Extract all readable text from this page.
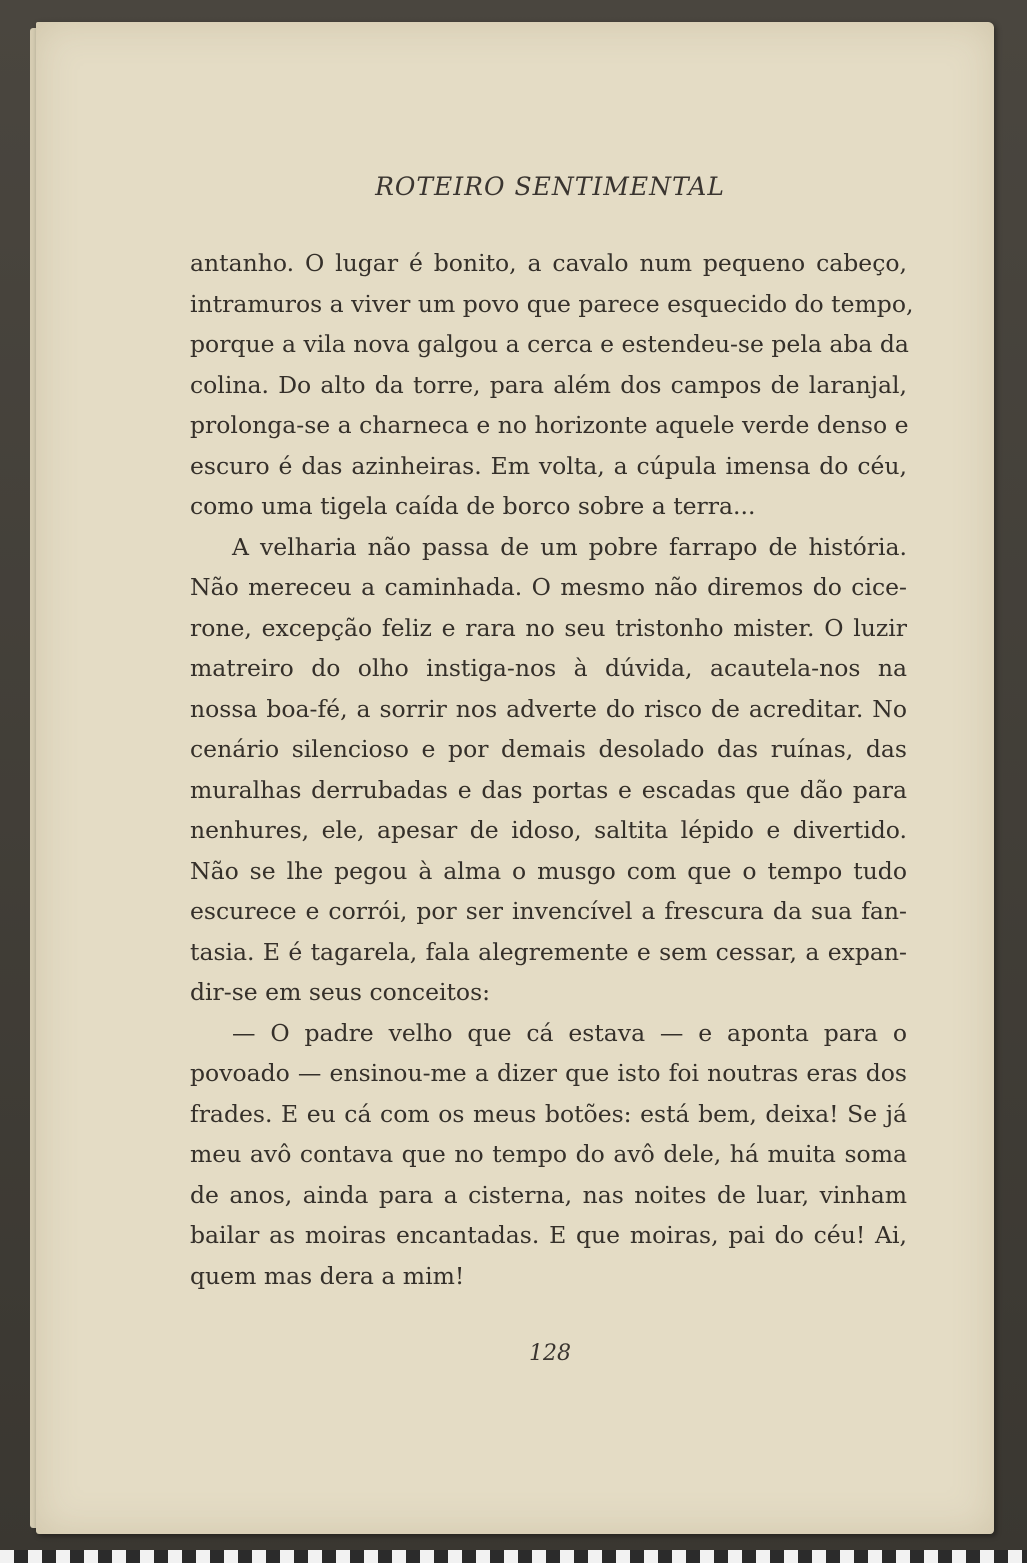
ROTEIRO SENTIMENTAL
antanho. O lugar é bonito, a cavalo num pequeno cabeço,
intramuros a viver um povo que parece esquecido do tempo,
porque a vila nova galgou a cerca e estendeu-se pela aba da
colina. Do alto da torre, para além dos campos de laranjal,
prolonga-se a charneca e no horizonte aquele verde denso e
escuro é das azinheiras. Em volta, a cúpula imensa do céu,
como uma tigela caída de borco sobre a terra...
A velharia não passa de um pobre farrapo de história.
Não mereceu a caminhada. O mesmo não diremos do cice-
rone, excepção feliz e rara no seu tristonho mister. O luzir
matreiro do olho instiga-nos à dúvida, acautela-nos na
nossa boa-fé, a sorrir nos adverte do risco de acreditar. No
cenário silencioso e por demais desolado das ruínas, das
muralhas derrubadas e das portas e escadas que dão para
nenhures, ele, apesar de idoso, saltita lépido e divertido.
Não se lhe pegou à alma o musgo com que o tempo tudo
escurece e corrói, por ser invencível a frescura da sua fan-
tasia. E é tagarela, fala alegremente e sem cessar, a expan-
dir-se em seus conceitos:
— O padre velho que cá estava — e aponta para o
povoado — ensinou-me a dizer que isto foi noutras eras dos
frades. E eu cá com os meus botões: está bem, deixa! Se já
meu avô contava que no tempo do avô dele, há muita soma
de anos, ainda para a cisterna, nas noites de luar, vinham
bailar as moiras encantadas. E que moiras, pai do céu! Ai,
quem mas dera a mim!
128
